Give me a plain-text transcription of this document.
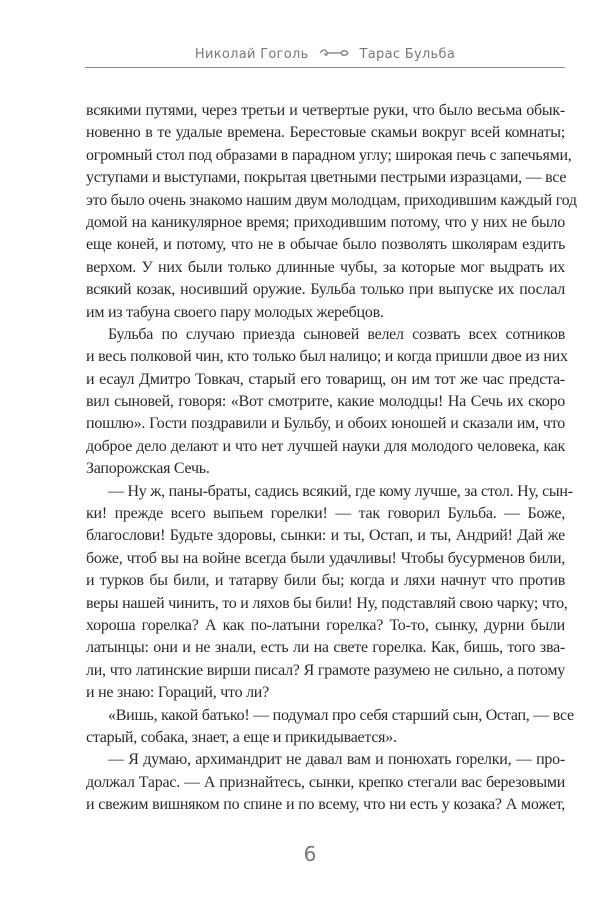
Николай Гоголь	Тарас Бульба
всякими путями, через третьи и четвертые руки, что было весьма обык-
новенно в те удалые времена. Берестовые скамьи вокруг всей комнаты;
огромный стол под образами в парадном углу; широкая печь с запечьями,
уступами и выступами, покрытая цветными пестрыми изразцами, — все
это было очень знакомо нашим двум молодцам, приходившим каждый год
домой на каникулярное время; приходившим потому, что у них не было
еще коней, и потому, что не в обычае было позволять школярам ездить
верхом. У них были только длинные чубы, за которые мог выдрать их
всякий козак, носивший оружие. Бульба только при выпуске их послал
им из табуна своего пару молодых жеребцов.
Бульба по случаю приезда сыновей велел созвать всех сотников
и весь полковой чин, кто только был налицо; и когда пришли двое из них
и есаул Дмитро Товкач, старый его товарищ, он им тот же час предста-
вил сыновей, говоря: «Вот смотрите, какие молодцы! На Сечь их скоро
пошлю». Гости поздравили и Бульбу, и обоих юношей и сказали им, что
доброе дело делают и что нет лучшей науки для молодого человека, как
Запорожская Сечь.
— Ну ж, паны-браты, садись всякий, где кому лучше, за стол. Ну, сын-
ки! прежде всего выпьем горелки! — так говорил Бульба. — Боже,
благослови! Будьте здоровы, сынки: и ты, Остап, и ты, Андрий! Дай же
боже, чтоб вы на войне всегда были удачливы! Чтобы бусурменов били,
и турков бы били, и татарву били бы; когда и ляхи начнут что против
веры нашей чинить, то и ляхов бы били! Ну, подставляй свою чарку; что,
хороша горелка? А как по-латыни горелка? То-то, сынку, дурни были
латынцы: они и не знали, есть ли на свете горелка. Как, бишь, того зва-
ли, что латинские вирши писал? Я грамоте разумею не сильно, а потому
и не знаю: Гораций, что ли?
«Вишь, какой батько! — подумал про себя старший сын, Остап, — все
старый, собака, знает, а еще и прикидывается».
— Я думаю, архимандрит не давал вам и понюхать горелки, — про-
должал Тарас. — А признайтесь, сынки, крепко стегали вас березовыми
и свежим вишняком по спине и по всему, что ни есть у козака? А может,
6
